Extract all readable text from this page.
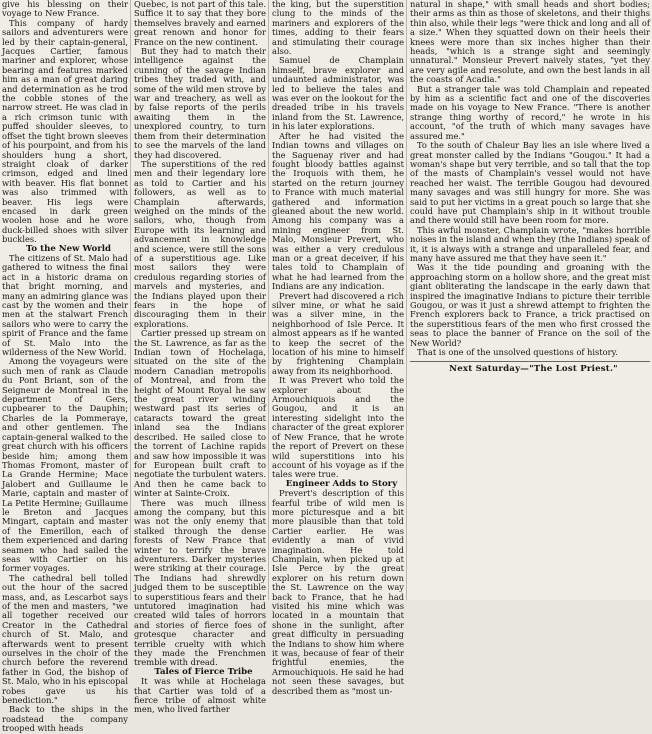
give his blessing on their voyage to New France.

This company of hardy sailors and adventurers were led by their captain-general, Jacques Cartier, famous mariner and explorer, whose bearing and features marked him as a man of great daring and determination as he trod the cobble stones of the narrow street. He was clad in a rich crimson tunic with puffed shoulder sleeves, to offset the tight brown sleeves of his pourpoint, and from his shoulders hung a short, straight cloak of darker crimson, edged and lined with beaver. His flat bonnet was also trimmed with beaver. His legs were encased in dark green woolen hose and he wore duck-billed shoes with silver buckles.

To the New World

The citizens of St. Malo had gathered to witness the final act in a historic drama on that bright morning, and many an admiring glance was cast by the women and their men at the stalwart French sailors who were to carry the spirit of France and the fame of St. Malo into the wilderness of the New World.

Among the voyageurs were such men of rank as Claude du Pont Briant, son of the Seigneur de Montreal in the department of Gers, cupbearer to the Dauphin; Charles de la Pommeraye, and other gentlemen. The captain-general walked to the great church with his officers beside him; among them Thomas Fromont, master of La Grande Hermine; Mace Jalobert and Guillaume le Marie, captain and master of La Petite Hermine; Guillaume le Breton and Jacques Mingart, captain and master of the Emerillon, each of them experienced and daring seamen who had sailed the seas with Cartier on his former voyages.

The cathedral bell tolled out the hour of the sacred mass, and, as Lescarbot says of the men and masters, "we all together received our Creator in the Cathedral church of St. Malo, and afterwards went to present ourselves in the choir of the church before the reverend father in God, the bishop of St. Malo, who in his episcopal robes gave us his benediction."

Back to the ships in the roadstead the company trooped with heads

Quebec, is not part of this tale. Suffice it to say that they bore themselves bravely and earned great renown and honor for France on the new continent.

But they had to match their intelligence against the cunning of the savage Indian tribes they traded with, and some of the wild men strove by war and treachery, as well as by false reports of the perils awaiting them in the unexplored country, to turn them from their determination to see the marvels of the land they had discovered.

The superstitions of the red men and their legendary lore as told to Cartier and his followers, as well as to Champlain afterwards, weighed on the minds of the sailors, who, though from Europe with its learning and advancement in knowledge and science, were still the sons of a superstitious age. Like most sailors they were credulous regarding stories of marvels and mysteries, and the Indians played upon their fears in the hope of discouraging them in their explorations.

Cartier pressed up stream on the St. Lawrence, as far as the Indian town of Hochelaga, situated on the site of the modern Canadian metropolis of Montreal, and from the height of Mount Royal he saw the great river winding westward past its series of cataracts toward the great inland sea the Indians described. He sailed close to the torrent of Lachine rapids and saw how impossible it was for European built craft to negotiate the turbulent waters. And then he came back to winter at Sainte-Croix.

There was much illness among the company, but this was not the only enemy that stalked through the dense forests of New France that winter to terrify the brave adventurers. Darker mysteries were striking at their courage. The Indians had shrewdly judged them to be susceptible to superstitious fears and their untutored imagination had created wild tales of horrors and stories of fierce foes of grotesque character and terrible cruelty with which they made the Frenchmen tremble with dread.

Tales of Fierce Tribe

It was while at Hochelaga that Cartier was told of a fierce tribe of almost white men, who lived farther

the king, but the superstition clung to the minds of the mariners and explorers of the times, adding to their fears and stimulating their courage also.

Samuel de Champlain himself, brave explorer and undaunted administrator, was led to believe the tales and was ever on the lookout for the dreaded tribe in his travels inland from the St. Lawrence, in his later explorations.

After he had visited the Indian towns and villages on the Saguenay river and had fought bloody battles against the Iroquois with them, he started on the return journey to France with much material gathered and information gleaned about the new world. Among his company was a mining engineer from St. Malo, Monsieur Prevert, who was either a very credulous man or a great deceiver, if his tales told to Champlain of what he had learned from the Indians are any indication.

Prevert had discovered a rich silver mine, or what he said was a silver mine, in the neighborhood of Isle Perce. It almost appears as if he wanted to keep the secret of the location of his mine to himself by frightening Champlain away from its neighborhood.

It was Prevert who told the explorer about the Armouchiquois and the Gougou, and it is an interesting sidelight into the character of the great explorer of New France, that he wrote the report of Prevert on these wild superstitions into his account of his voyage as if the tales were true.

Engineer Adds to Story

Prevert's description of this fearful tribe of wild men is more picturesque and a bit more plausible than that told Cartier earlier. He was evidently a man of vivid imagination. He told Champlain, when picked up at Isle Perce by the great explorer on his return down the St. Lawrence on the way back to France, that he had visited his mine which was located in a mountain that shone in the sunlight, after great difficulty in persuading the Indians to show him where it was, because of fear of their frightful enemies, the Armouchiquois. He said he had not seen these savages, but described them as "most un-

natural in shape," with small heads and short bodies; their arms as thin as those of skeletons, and their thighs thin also, while their legs "were thick and long and all of a size." When they squatted down on their heels their knees were more than six inches higher than their heads, "which is a strange sight and seemingly unnatural." Monsieur Prevert naively states, "yet they are very agile and resolute, and own the best lands in all the coasts of Acadia."

But a stranger tale was told Champlain and repeated by him as a scientific fact and one of the discoveries made on his voyage to New France. "There is another strange thing worthy of record," he wrote in his account, "of the truth of which many savages have assured me."

To the south of Chaleur Bay lies an isle where lived a great monster called by the Indians "Gougou." It had a woman's shape but very terrible, and so tall that the top of the masts of Champlain's vessel would not have reached her waist. The terrible Gougou had devoured many savages and was still hungry for more. She was said to put her victims in a great pouch so large that she could have put Champlain's ship in it without trouble and there would still have been room for more.

This awful monster, Champlain wrote, "makes horrible noises in the island and when they (the Indians) speak of it, it is always with a strange and unparalleled fear, and many have assured me that they have seen it."

Was it the tide pounding and groaning with the approaching storm on a hollow shore, and the great mist giant obliterating the landscape in the early dawn that inspired the imaginative Indians to picture their terrible Gougou, or was it just a shrewd attempt to frighten the French explorers back to France, a trick practised on the superstitious fears of the men who first crossed the seas to place the banner of France on the soil of the New World?

That is one of the unsolved questions of history.

Next Saturday—"The Lost Priest."
